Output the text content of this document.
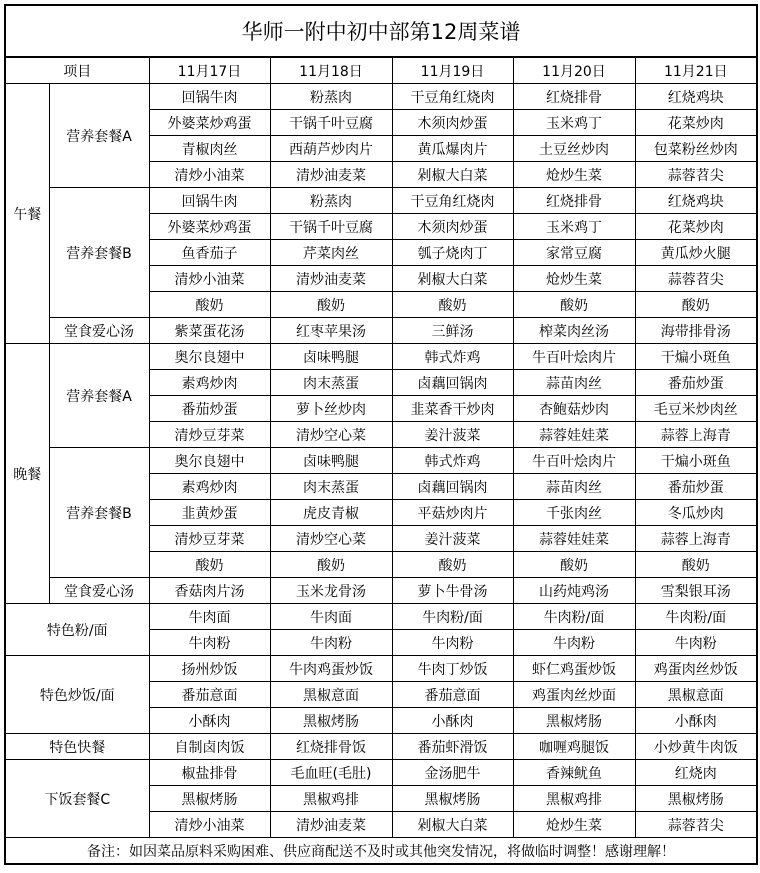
华师一附中初中部第12周菜谱						
项目		11月17日	11月18日	11月19日	11月20日	11月21日
午餐	营养套餐A	回锅牛肉	粉蒸肉	干豆角红烧肉	红烧排骨	红烧鸡块
		外婆菜炒鸡蛋	干锅千叶豆腐	木须肉炒蛋	玉米鸡丁	花菜炒肉
		青椒肉丝	西葫芦炒肉片	黄瓜爆肉片	土豆丝炒肉	包菜粉丝炒肉
		清炒小油菜	清炒油麦菜	剁椒大白菜	炝炒生菜	蒜蓉苕尖
	营养套餐B	回锅牛肉	粉蒸肉	干豆角红烧肉	红烧排骨	红烧鸡块
		外婆菜炒鸡蛋	干锅千叶豆腐	木须肉炒蛋	玉米鸡丁	花菜炒肉
		鱼香茄子	芹菜肉丝	瓠子烧肉丁	家常豆腐	黄瓜炒火腿
		清炒小油菜	清炒油麦菜	剁椒大白菜	炝炒生菜	蒜蓉苕尖
		酸奶	酸奶	酸奶	酸奶	酸奶
	堂食爱心汤	紫菜蛋花汤	红枣苹果汤	三鲜汤	榨菜肉丝汤	海带排骨汤
晚餐	营养套餐A	奥尔良翅中	卤味鸭腿	韩式炸鸡	牛百叶烩肉片	干煸小斑鱼
		素鸡炒肉	肉末蒸蛋	卤藕回锅肉	蒜苗肉丝	番茄炒蛋
		番茄炒蛋	萝卜丝炒肉	韭菜香干炒肉	杏鲍菇炒肉	毛豆米炒肉丝
		清炒豆芽菜	清炒空心菜	姜汁菠菜	蒜蓉娃娃菜	蒜蓉上海青
	营养套餐B	奥尔良翅中	卤味鸭腿	韩式炸鸡	牛百叶烩肉片	干煸小斑鱼
		素鸡炒肉	肉末蒸蛋	卤藕回锅肉	蒜苗肉丝	番茄炒蛋
		韭黄炒蛋	虎皮青椒	平菇炒肉片	千张肉丝	冬瓜炒肉
		清炒豆芽菜	清炒空心菜	姜汁菠菜	蒜蓉娃娃菜	蒜蓉上海青
		酸奶	酸奶	酸奶	酸奶	酸奶
	堂食爱心汤	香菇肉片汤	玉米龙骨汤	萝卜牛骨汤	山药炖鸡汤	雪梨银耳汤
特色粉/面		牛肉面	牛肉面	牛肉粉/面	牛肉粉/面	牛肉粉/面
		牛肉粉	牛肉粉	牛肉粉	牛肉粉	牛肉粉
特色炒饭/面		扬州炒饭	牛肉鸡蛋炒饭	牛肉丁炒饭	虾仁鸡蛋炒饭	鸡蛋肉丝炒饭
		番茄意面	黑椒意面	番茄意面	鸡蛋肉丝炒面	黑椒意面
		小酥肉	黑椒烤肠	小酥肉	黑椒烤肠	小酥肉
特色快餐		自制卤肉饭	红烧排骨饭	番茄虾滑饭	咖喱鸡腿饭	小炒黄牛肉饭
下饭套餐C		椒盐排骨	毛血旺(毛肚)	金汤肥牛	香辣鱿鱼	红烧肉
		黑椒烤肠	黑椒鸡排	黑椒烤肠	黑椒鸡排	黑椒烤肠
		清炒小油菜	清炒油麦菜	剁椒大白菜	炝炒生菜	蒜蓉苕尖
备注：如因菜品原料采购困难、供应商配送不及时或其他突发情况，将做临时调整！感谢理解！						
